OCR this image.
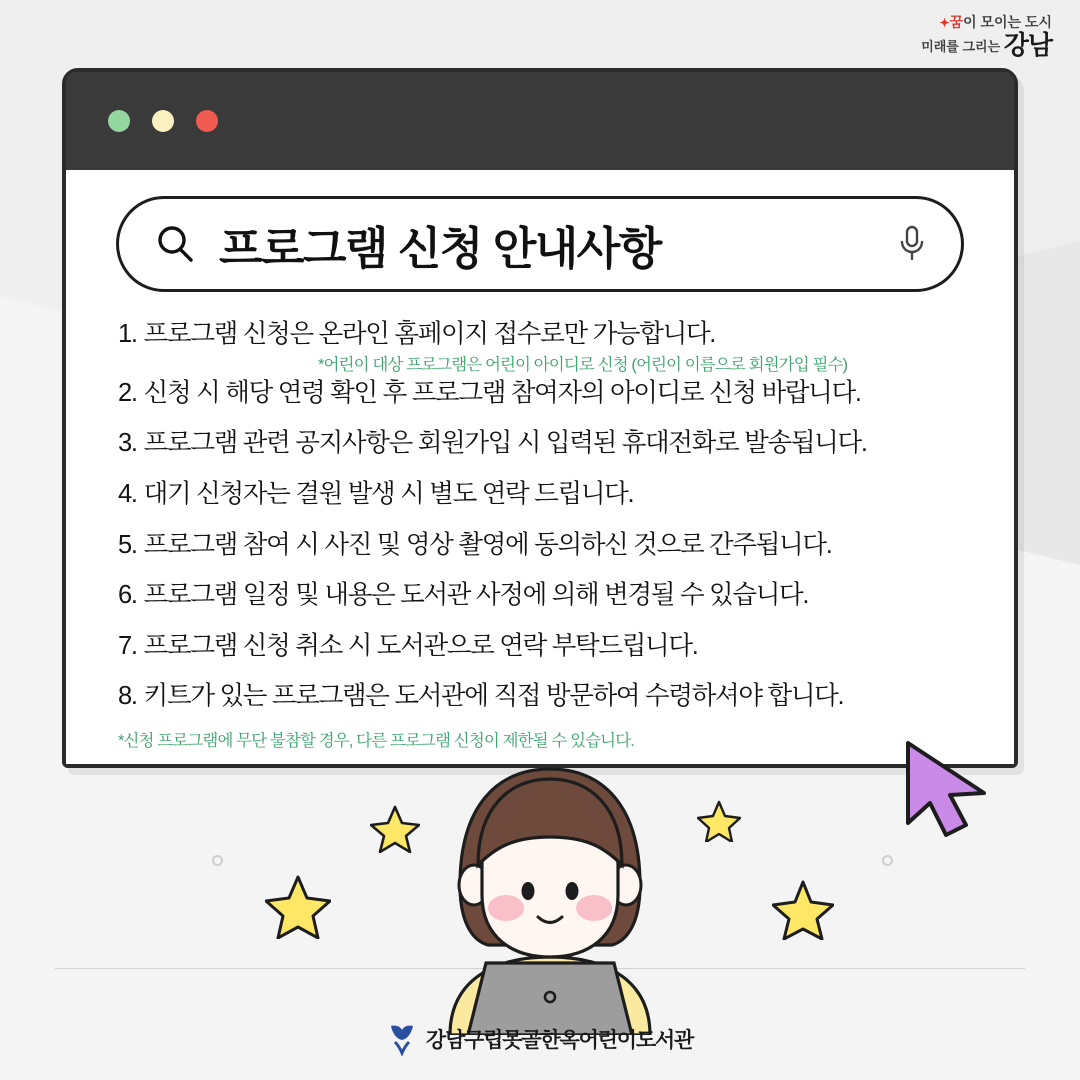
✦꿈이 모이는 도시
미래를 그리는 강남
프로그램 신청 안내사항
1. 프로그램 신청은 온라인 홈페이지 접수로만 가능합니다.
*어린이 대상 프로그램은 어린이 아이디로 신청 (어린이 이름으로 회원가입 필수)
2. 신청 시 해당 연령 확인 후 프로그램 참여자의 아이디로 신청 바랍니다.
3. 프로그램 관련 공지사항은 회원가입 시 입력된 휴대전화로 발송됩니다.
4. 대기 신청자는 결원 발생 시 별도 연락 드립니다.
5. 프로그램 참여 시 사진 및 영상 촬영에 동의하신 것으로 간주됩니다.
6. 프로그램 일정 및 내용은 도서관 사정에 의해 변경될 수 있습니다.
7. 프로그램 신청 취소 시 도서관으로 연락 부탁드립니다.
8. 키트가 있는 프로그램은 도서관에 직접 방문하여 수령하셔야 합니다.
*신청 프로그램에 무단 불참할 경우, 다른 프로그램 신청이 제한될 수 있습니다.
강남구립못골한옥어린이도서관
